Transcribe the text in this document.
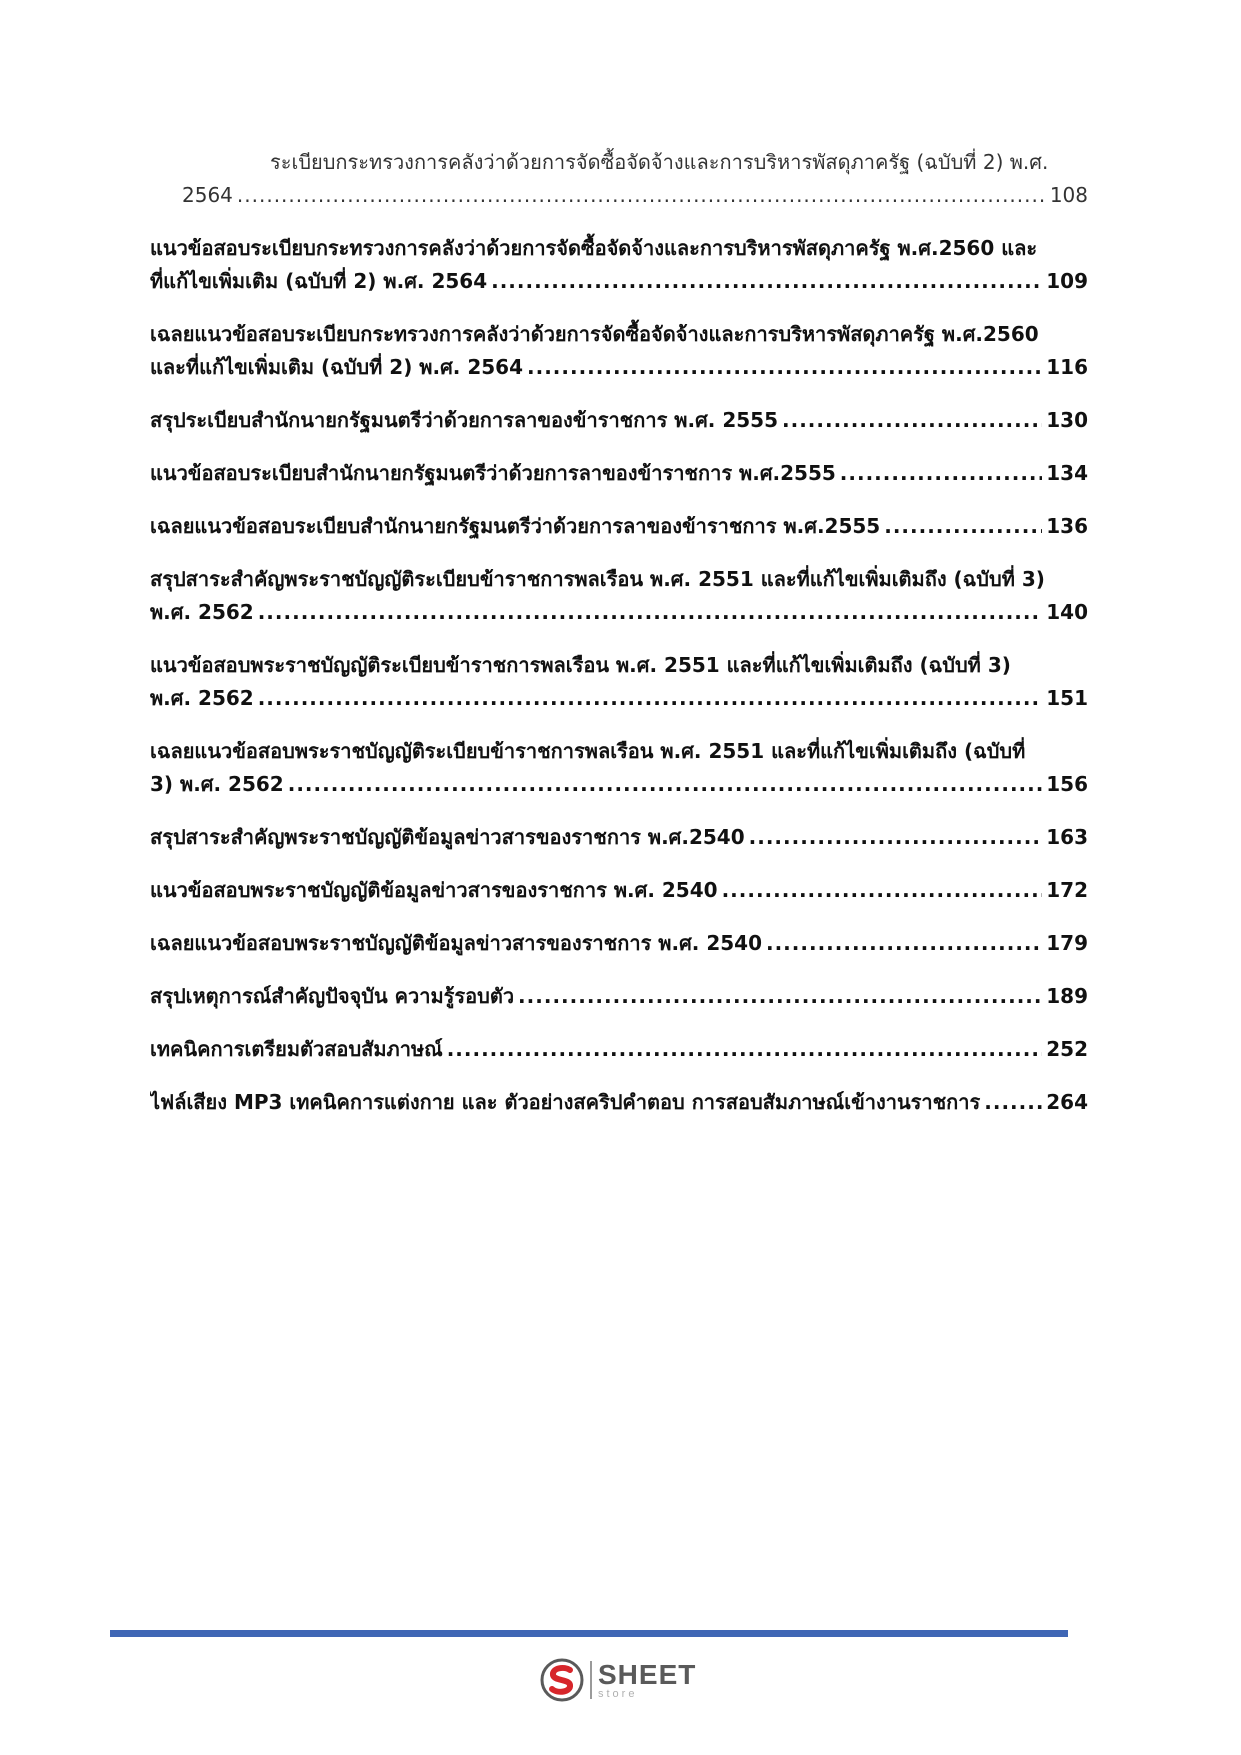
ระเบียบกระทรวงการคลังว่าด้วยการจัดซื้อจัดจ้างและการบริหารพัสดุภาครัฐ (ฉบับที่ 2) พ.ศ.
2564 .....	108
แนวข้อสอบระเบียบกระทรวงการคลังว่าด้วยการจัดซื้อจัดจ้างและการบริหารพัสดุภาครัฐ พ.ศ.2560 และ
ที่แก้ไขเพิ่มเติม (ฉบับที่ 2) พ.ศ. 2564 .....	109
เฉลยแนวข้อสอบระเบียบกระทรวงการคลังว่าด้วยการจัดซื้อจัดจ้างและการบริหารพัสดุภาครัฐ พ.ศ.2560
และที่แก้ไขเพิ่มเติม (ฉบับที่ 2) พ.ศ. 2564 .....	116
สรุประเบียบสำนักนายกรัฐมนตรีว่าด้วยการลาของข้าราชการ พ.ศ. 2555 .....	130
แนวข้อสอบระเบียบสำนักนายกรัฐมนตรีว่าด้วยการลาของข้าราชการ พ.ศ.2555 .....	134
เฉลยแนวข้อสอบระเบียบสำนักนายกรัฐมนตรีว่าด้วยการลาของข้าราชการ พ.ศ.2555 .....	136
สรุปสาระสำคัญพระราชบัญญัติระเบียบข้าราชการพลเรือน พ.ศ. 2551 และที่แก้ไขเพิ่มเติมถึง (ฉบับที่ 3)
พ.ศ. 2562 .....	140
แนวข้อสอบพระราชบัญญัติระเบียบข้าราชการพลเรือน พ.ศ. 2551 และที่แก้ไขเพิ่มเติมถึง (ฉบับที่ 3)
พ.ศ. 2562 .....	151
เฉลยแนวข้อสอบพระราชบัญญัติระเบียบข้าราชการพลเรือน พ.ศ. 2551 และที่แก้ไขเพิ่มเติมถึง (ฉบับที่
3) พ.ศ. 2562 .....	156
สรุปสาระสำคัญพระราชบัญญัติข้อมูลข่าวสารของราชการ พ.ศ.2540 .....	163
แนวข้อสอบพระราชบัญญัติข้อมูลข่าวสารของราชการ พ.ศ. 2540 .....	172
เฉลยแนวข้อสอบพระราชบัญญัติข้อมูลข่าวสารของราชการ พ.ศ. 2540 .....	179
สรุปเหตุการณ์สำคัญปัจจุบัน ความรู้รอบตัว .....	189
เทคนิคการเตรียมตัวสอบสัมภาษณ์ .....	252
ไฟล์เสียง MP3 เทคนิคการแต่งกาย และ ตัวอย่างสคริปคำตอบ การสอบสัมภาษณ์เข้างานราชการ .....	264
SHEET
store
